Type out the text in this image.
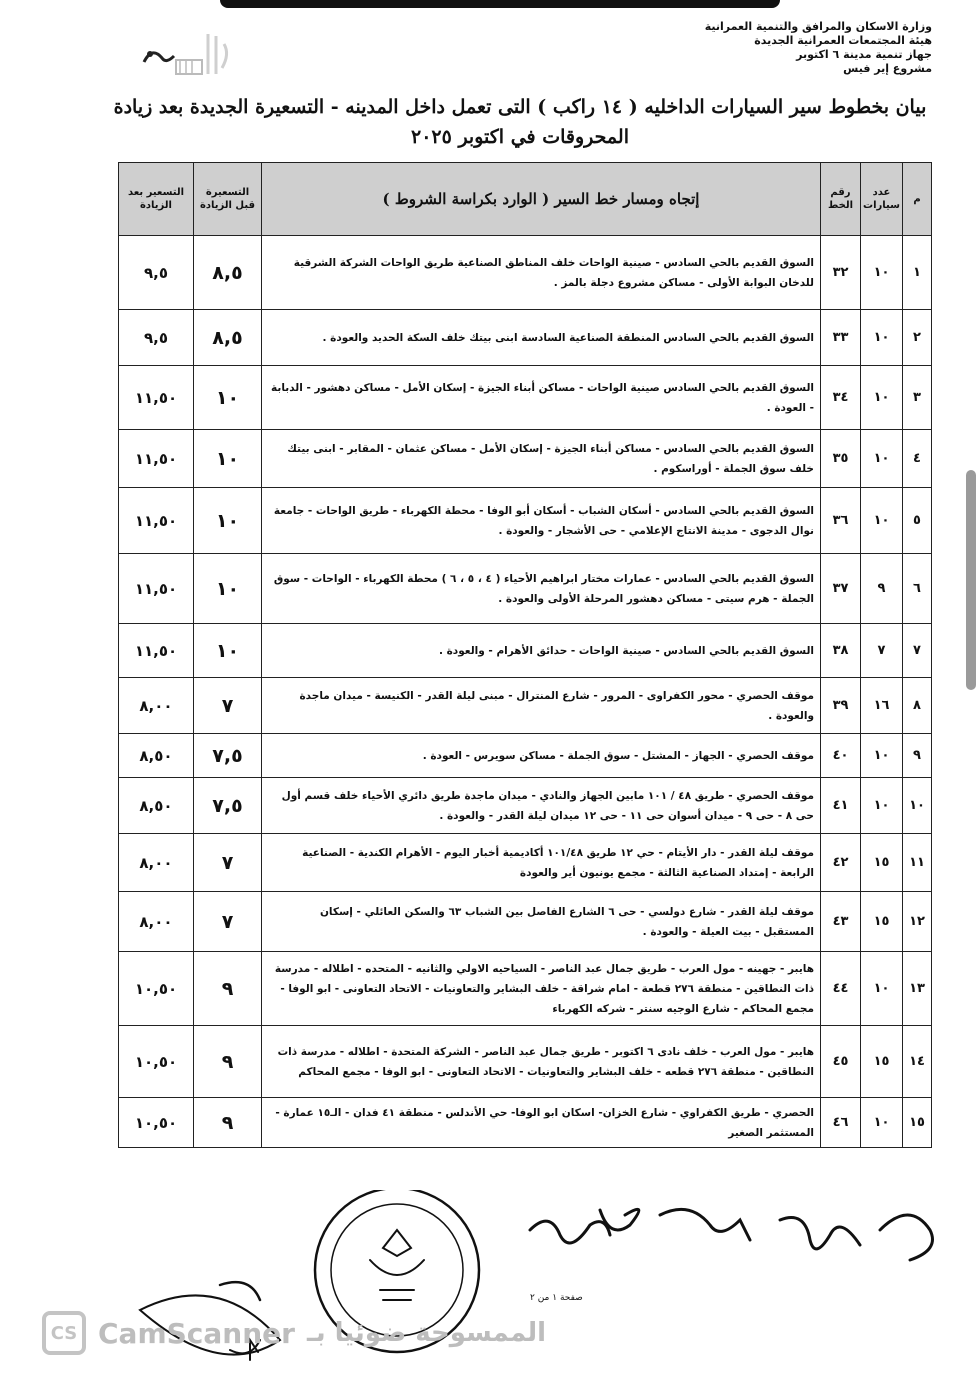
وزارة الاسكان والمرافق والتنمية العمرانية
هيئة المجتمعات العمرانية الجديدة
جهاز تنمية مدينة ٦ اكتوبر
مشروع إير فيس
بيان بخطوط سير السيارات الداخليه ( ١٤ راكب ) التى تعمل داخل المدينه - التسعيرة الجديدة بعد زيادة
المحروقات في اكتوبر ٢٠٢٥
م	عدد سيارات	رقم الخط	إتجاه ومسار خط السير ( الوارد بكراسة الشروط )	التسعيرة قبل الزيادة	التسعير بعد الزيادة
١	١٠	٣٢	السوق القديم بالحي السادس - صينية الواحات خلف المناطق الصناعية طريق الواحات الشركة الشرقية للدخان البوابة الأولى - مساكن مشروع دجلة بالمز .	٨,٥	٩,٥
٢	١٠	٣٣	السوق القديم بالحي السادس المنطقة الصناعية السادسة ابنى بيتك خلف السكة الحديد والعودة .	٨,٥	٩,٥
٣	١٠	٣٤	السوق القديم بالحي السادس صينية الواحات - مساكن أبناء الجيزة - إسكان الأمل - مساكن دهشور - الدبابة - العودة .	١٠	١١,٥٠
٤	١٠	٣٥	السوق القديم بالحي السادس - مساكن أبناء الجيزة - إسكان الأمل - مساكن عثمان - المقابر - ابنى بيتك خلف سوق الجملة - أوراسكوم .	١٠	١١,٥٠
٥	١٠	٣٦	السوق القديم بالحي السادس - أسكان الشباب - أسكان أبو الوفا - محطة الكهرباء - طريق الواحات - جامعة نوال الدجوى - مدينة الانتاج الإعلامي - حى الأشجار - والعودة .	١٠	١١,٥٠
٦	٩	٣٧	السوق القديم بالحي السادس - عمارات مختار ابراهيم الأحياء ( ٤ ، ٥ ، ٦ ) محطة الكهرباء - الواحات - سوق الجملة - هرم سيتى - مساكن دهشور المرحلة الأولى والعودة .	١٠	١١,٥٠
٧	٧	٣٨	السوق القديم بالحي السادس - صينية الواحات - حدائق الأهرام - والعودة .	١٠	١١,٥٠
٨	١٦	٣٩	موقف الحصري - محور الكفراوى - المرور - شارع المنترال - مبنى ليلة القدر - الكنيسة - ميدان ماجدة والعودة .	٧	٨,٠٠
٩	١٠	٤٠	موقف الحصري - الجهاز - المشتل - سوق الجملة - مساكن سويرس - العودة .	٧,٥	٨,٥٠
١٠	١٠	٤١	موقف الحصري - طريق ٤٨ / ١٠١ مابين الجهاز والنادي - ميدان ماجدة طريق دائري الأحياء خلف قسم أول حى ٨ - حى ٩ - ميدان أسوان حى ١١ - حى ١٢ ميدان ليلة القدر - والعودة .	٧,٥	٨,٥٠
١١	١٥	٤٢	موقف ليلة القدر - دار الأيتام - حي ١٢ طريق ١٠١/٤٨ أكاديمية أخبار اليوم - الأهرام الكندية - الصناعية الرابعة - إمتداد الصناعية الثالثة - مجمع يونيون أير والعودة	٧	٨,٠٠
١٢	١٥	٤٣	موقف ليلة القدر - شارع دولسي - حى ٦ الشارع الفاصل بين الشباب ٦٣ والسكن العائلي - إسكان المستقبل - بيت العيلة - والعودة .	٧	٨,٠٠
١٣	١٠	٤٤	هايبر - جهينه - مول العرب - طريق جمال عبد الناصر - السياحيه الاولي والثانيه - المتحده - اطلاله - مدرسة ذات النطاقين - منطقة ٢٧٦ قطعة - امام شراقة - خلف البشاير والتعاونيات - الاتحاد التعاونى - ابو الوفا - مجمع المحاكم - شارع الوجيه سنتر - شركه الكهرباء	٩	١٠,٥٠
١٤	١٥	٤٥	هايبر - مول العرب - خلف نادى ٦ اكتوبر - طريق جمال عبد الناصر - الشركة المتحدة - اطلاله - مدرسة ذات النطاقين - منطقة ٢٧٦ قطعه - خلف البشاير والتعاونيات - الاتحاد التعاونى - ابو الوفا - مجمع المحاكم	٩	١٠,٥٠
١٥	١٠	٤٦	الحصري - طريق الكفراوي - شارع الخزان- اسكان ابو الوفا- حي الأندلس - منطقة ٤١ فدان - الـ١٥ عمارة - المستثمر الصغير	٩	١٠,٥٠
صفحة ١ من ٢
CS CamScanner الممسوحة ضوئيا بـ
